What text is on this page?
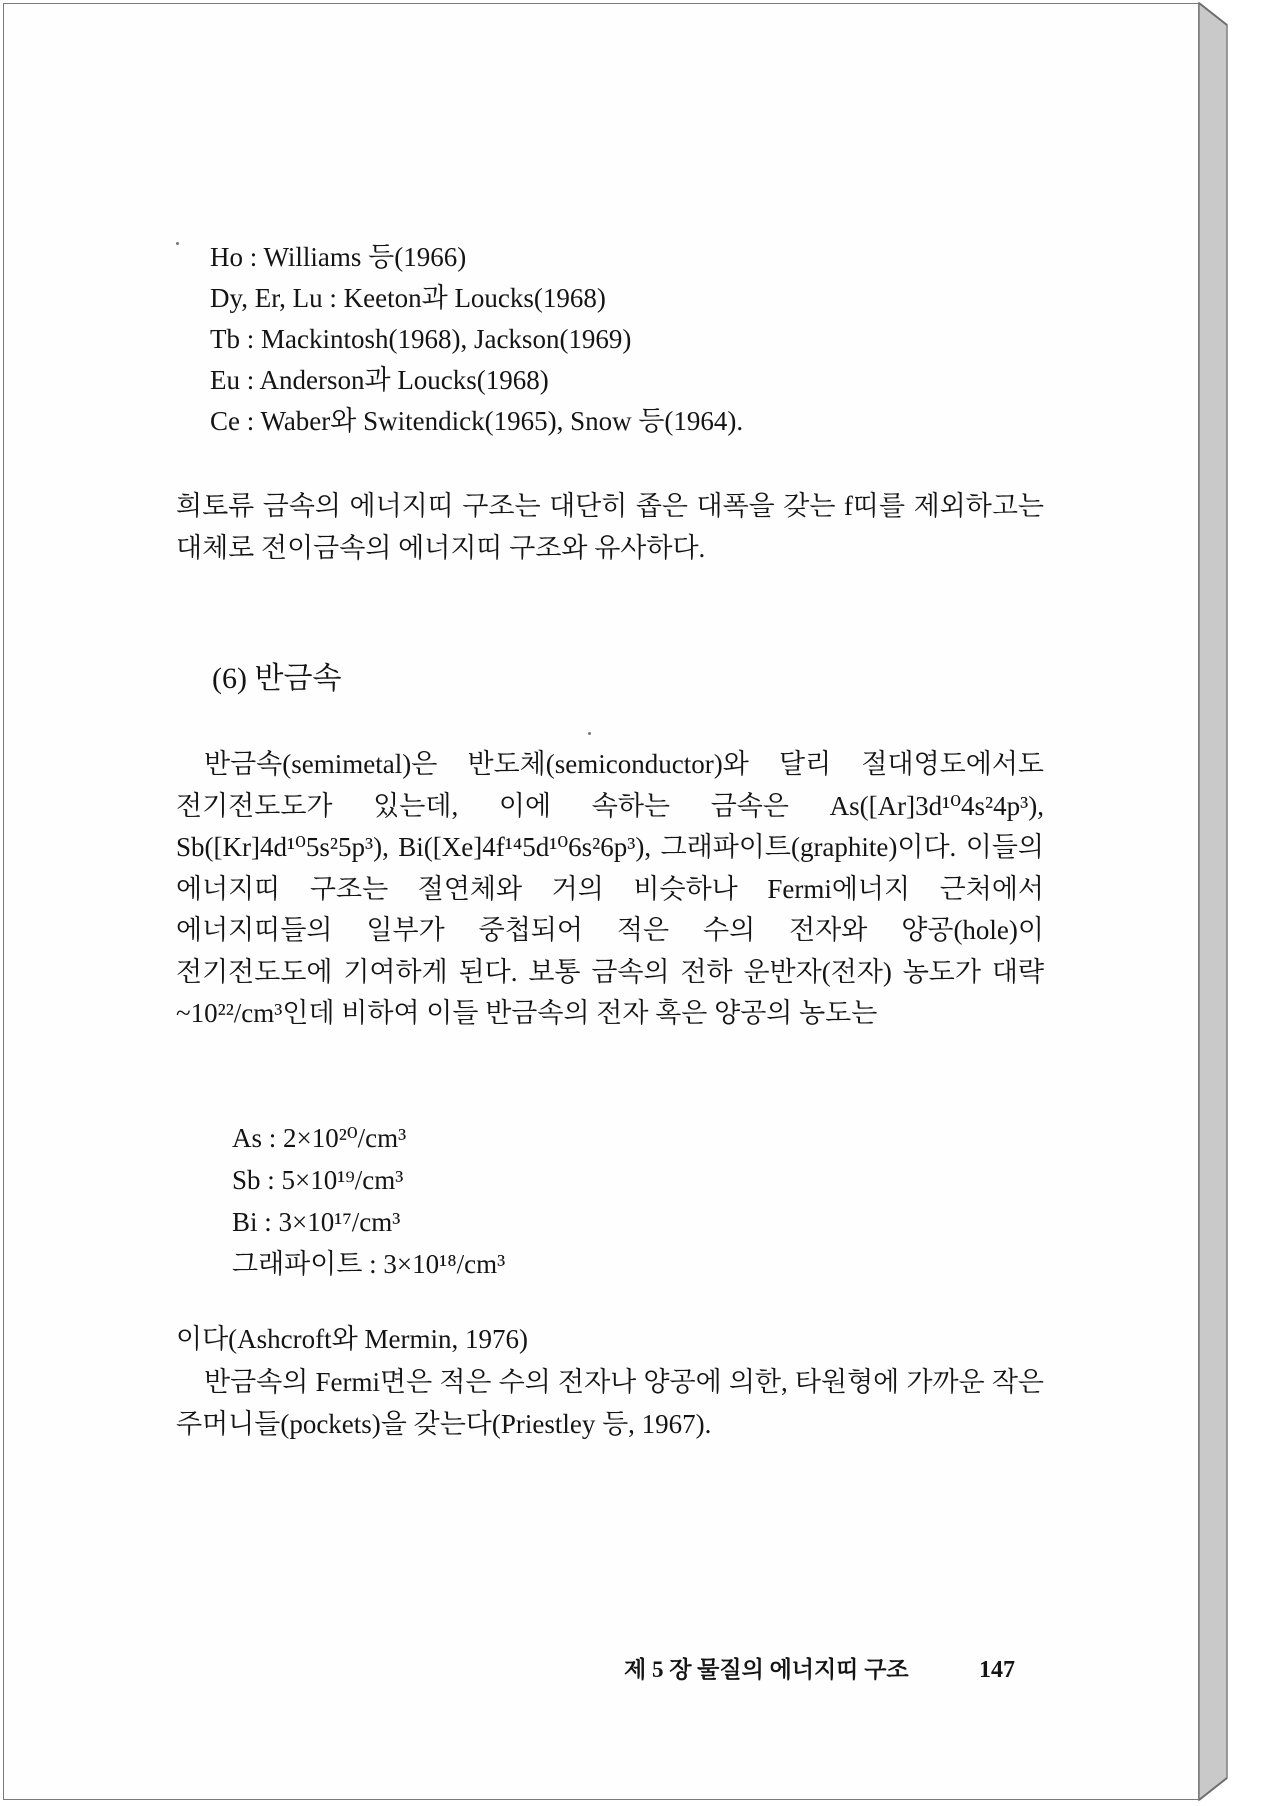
Ho : Williams 등(1966)
Dy, Er, Lu : Keeton과 Loucks(1968)
Tb : Mackintosh(1968), Jackson(1969)
Eu : Anderson과 Loucks(1968)
Ce : Waber와 Switendick(1965), Snow 등(1964).
희토류 금속의 에너지띠 구조는 대단히 좁은 대폭을 갖는 f띠를 제외하고는 대체로 전이금속의 에너지띠 구조와 유사하다.
(6) 반금속
반금속(semimetal)은 반도체(semiconductor)와 달리 절대영도에서도 전기전도도가 있는데, 이에 속하는 금속은 As([Ar]3d¹⁰4s²4p³), Sb([Kr]4d¹⁰5s²5p³), Bi([Xe]4f¹⁴5d¹⁰6s²6p³), 그래파이트(graphite)이다. 이들의 에너지띠 구조는 절연체와 거의 비슷하나 Fermi에너지 근처에서 에너지띠들의 일부가 중첩되어 적은 수의 전자와 양공(hole)이 전기전도도에 기여하게 된다. 보통 금속의 전하 운반자(전자) 농도가 대략 ~10²²/cm³인데 비하여 이들 반금속의 전자 혹은 양공의 농도는
As : 2×10²⁰/cm³
Sb : 5×10¹⁹/cm³
Bi : 3×10¹⁷/cm³
그래파이트 : 3×10¹⁸/cm³
이다(Ashcroft와 Mermin, 1976)
반금속의 Fermi면은 적은 수의 전자나 양공에 의한, 타원형에 가까운 작은 주머니들(pockets)을 갖는다(Priestley 등, 1967).
제 5 장 물질의 에너지띠 구조	147
